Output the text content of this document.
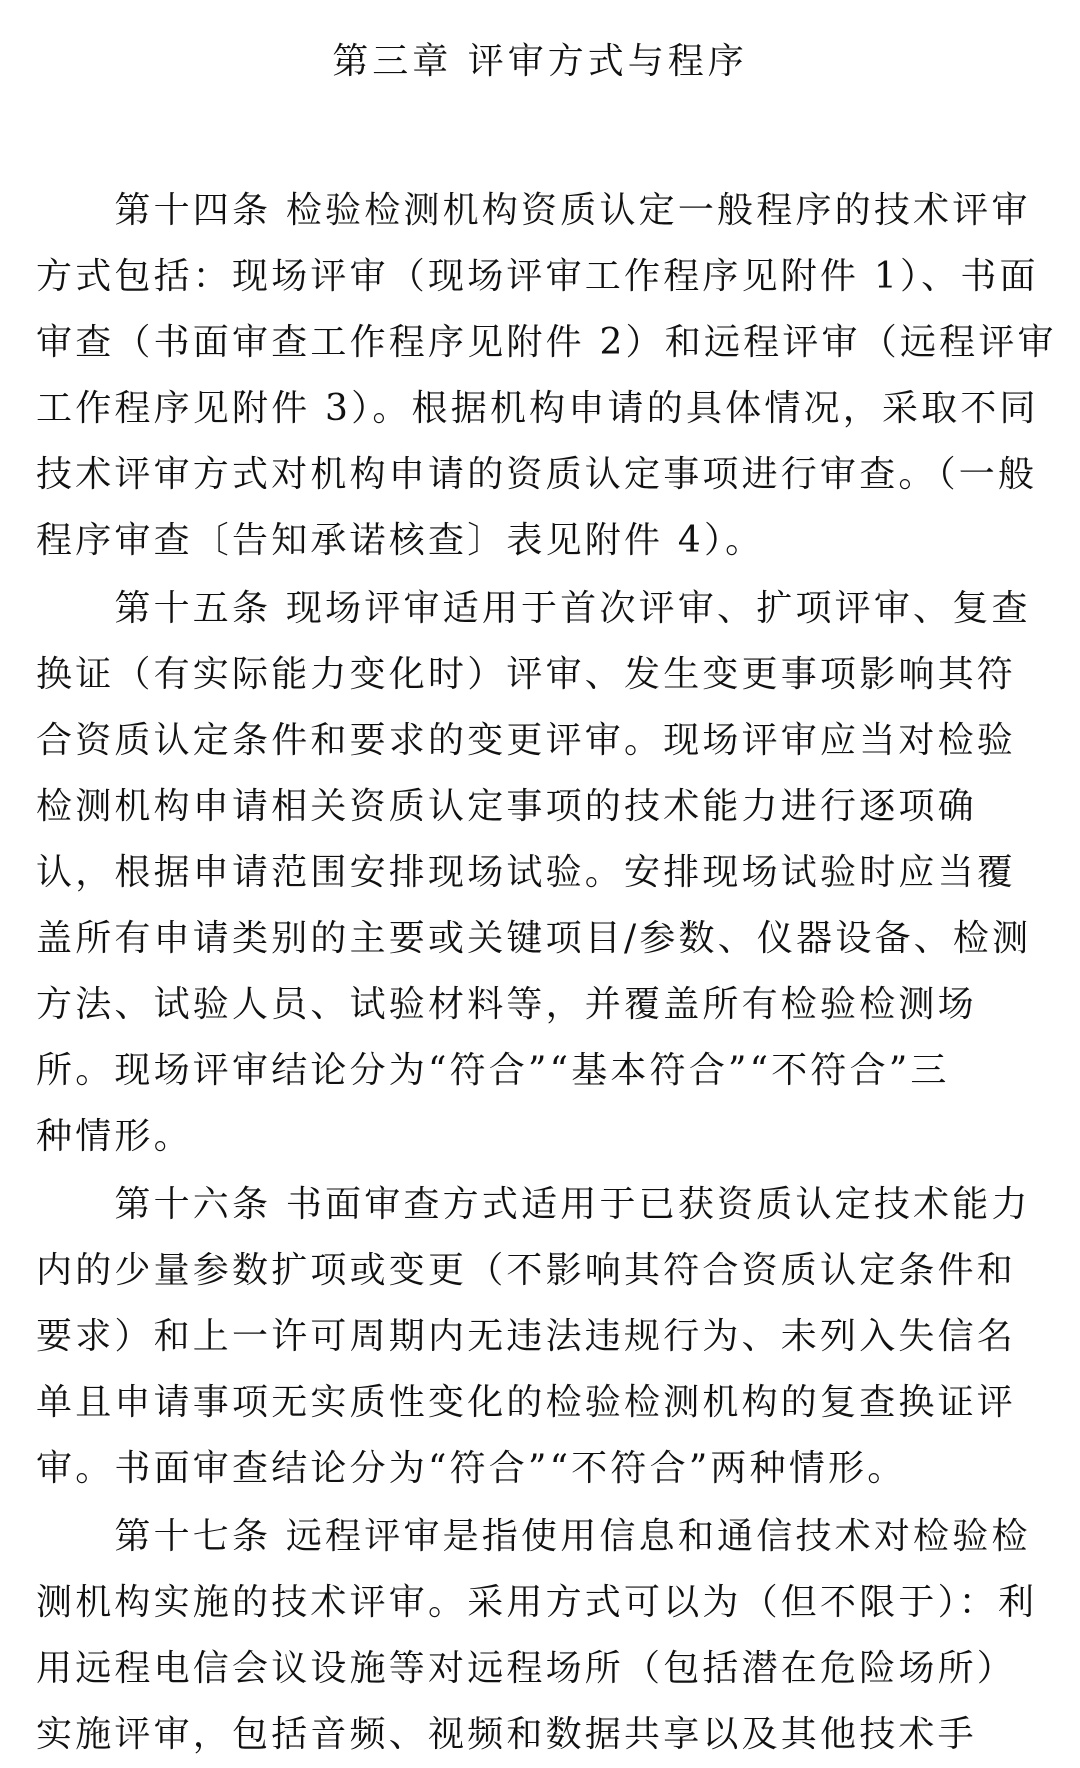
第三章 评审方式与程序
　　第十四条 检验检测机构资质认定一般程序的技术评审
方式包括：现场评审（现场评审工作程序见附件 1）、书面
审查（书面审查工作程序见附件 2）和远程评审（远程评审
工作程序见附件 3）。根据机构申请的具体情况，采取不同
技术评审方式对机构申请的资质认定事项进行审查。（一般
程序审查〔告知承诺核查〕表见附件 4）。
　　第十五条 现场评审适用于首次评审、扩项评审、复查
换证（有实际能力变化时）评审、发生变更事项影响其符
合资质认定条件和要求的变更评审。现场评审应当对检验
检测机构申请相关资质认定事项的技术能力进行逐项确
认，根据申请范围安排现场试验。安排现场试验时应当覆
盖所有申请类别的主要或关键项目/参数、仪器设备、检测
方法、试验人员、试验材料等，并覆盖所有检验检测场
所。现场评审结论分为“符合”“基本符合”“不符合”三
种情形。
　　第十六条 书面审查方式适用于已获资质认定技术能力
内的少量参数扩项或变更（不影响其符合资质认定条件和
要求）和上一许可周期内无违法违规行为、未列入失信名
单且申请事项无实质性变化的检验检测机构的复查换证评
审。书面审查结论分为“符合”“不符合”两种情形。
　　第十七条 远程评审是指使用信息和通信技术对检验检
测机构实施的技术评审。采用方式可以为（但不限于）：利
用远程电信会议设施等对远程场所（包括潜在危险场所）
实施评审，包括音频、视频和数据共享以及其他技术手
